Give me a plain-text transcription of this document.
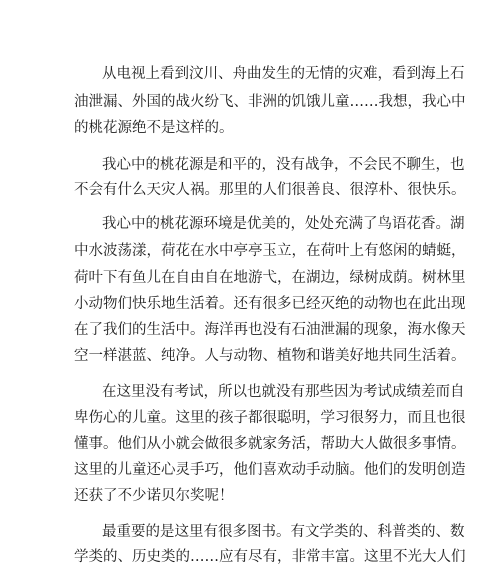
从电视上看到汶川、舟曲发生的无情的灾难，看到海上石
油泄漏、外国的战火纷飞、非洲的饥饿儿童……我想，我心中
的桃花源绝不是这样的。
我心中的桃花源是和平的，没有战争，不会民不聊生，也
不会有什么天灾人祸。那里的人们很善良、很淳朴、很快乐。
我心中的桃花源环境是优美的，处处充满了鸟语花香。湖
中水波荡漾，荷花在水中亭亭玉立，在荷叶上有悠闲的蜻蜓，
荷叶下有鱼儿在自由自在地游弋，在湖边，绿树成荫。树林里
小动物们快乐地生活着。还有很多已经灭绝的动物也在此出现
在了我们的生活中。海洋再也没有石油泄漏的现象，海水像天
空一样湛蓝、纯净。人与动物、植物和谐美好地共同生活着。
在这里没有考试，所以也就没有那些因为考试成绩差而自
卑伤心的儿童。这里的孩子都很聪明，学习很努力，而且也很
懂事。他们从小就会做很多就家务活，帮助大人做很多事情。
这里的儿童还心灵手巧，他们喜欢动手动脑。他们的发明创造
还获了不少诺贝尔奖呢！
最重要的是这里有很多图书。有文学类的、科普类的、数
学类的、历史类的……应有尽有，非常丰富。这里不光大人们
